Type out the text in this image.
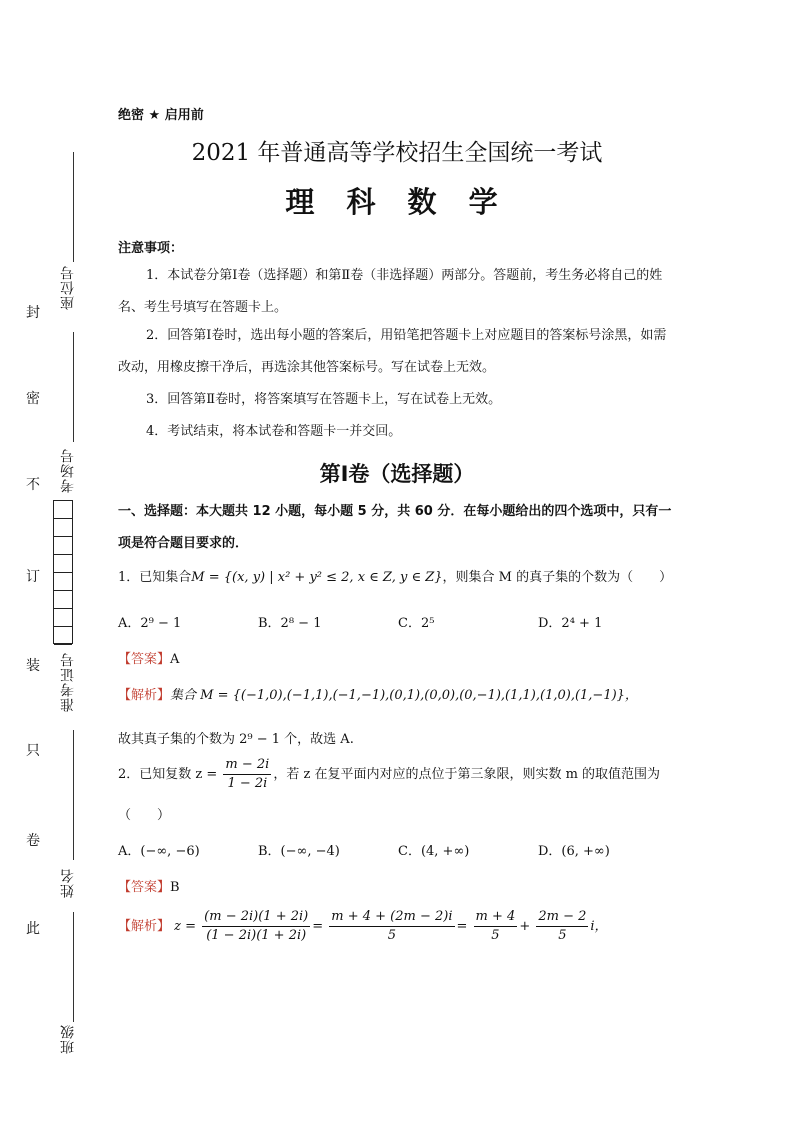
座位号
考场号
准考证号
姓名
班级
封
密
不
订
装
只
卷
此
绝密 ★ 启用前
2021 年普通高等学校招生全国统一考试
理 科 数 学
注意事项：
1．本试卷分第Ⅰ卷（选择题）和第Ⅱ卷（非选择题）两部分。答题前，考生务必将自己的姓名、考生号填写在答题卡上。
2．回答第Ⅰ卷时，选出每小题的答案后，用铅笔把答题卡上对应题目的答案标号涂黑，如需改动，用橡皮擦干净后，再选涂其他答案标号。写在试卷上无效。
3．回答第Ⅱ卷时，将答案填写在答题卡上，写在试卷上无效。
4．考试结束，将本试卷和答题卡一并交回。
第Ⅰ卷（选择题）
一、选择题：本大题共 12 小题，每小题 5 分，共 60 分．在每小题给出的四个选项中，只有一项是符合题目要求的．
1．已知集合M = {(x, y) | x² + y² ≤ 2, x ∈ Z, y ∈ Z}，则集合 M 的真子集的个数为（　　）
A．2⁹ − 1	B．2⁸ − 1	C．2⁵	D．2⁴ + 1
【答案】A
【解析】集合 M = {(−1,0),(−1,1),(−1,−1),(0,1),(0,0),(0,−1),(1,1),(1,0),(1,−1)}，
故其真子集的个数为 2⁹ − 1 个，故选 A.
2．已知复数 $z = \frac{m - 2i}{1 - 2i}$ ，若 z 在复平面内对应的点位于第三象限，则实数 m 的取值范围为
（　　）
A．(−∞, −6)	B．(−∞, −4)	C．(4, +∞)	D．(6, +∞)
【答案】B
【解析】 $z = \frac{(m - 2i)(1 + 2i)}{(1 - 2i)(1 + 2i)} = \frac{m + 4 + (2m - 2)i}{5} = \frac{m + 4}{5} + \frac{2m - 2}{5}$ i，
